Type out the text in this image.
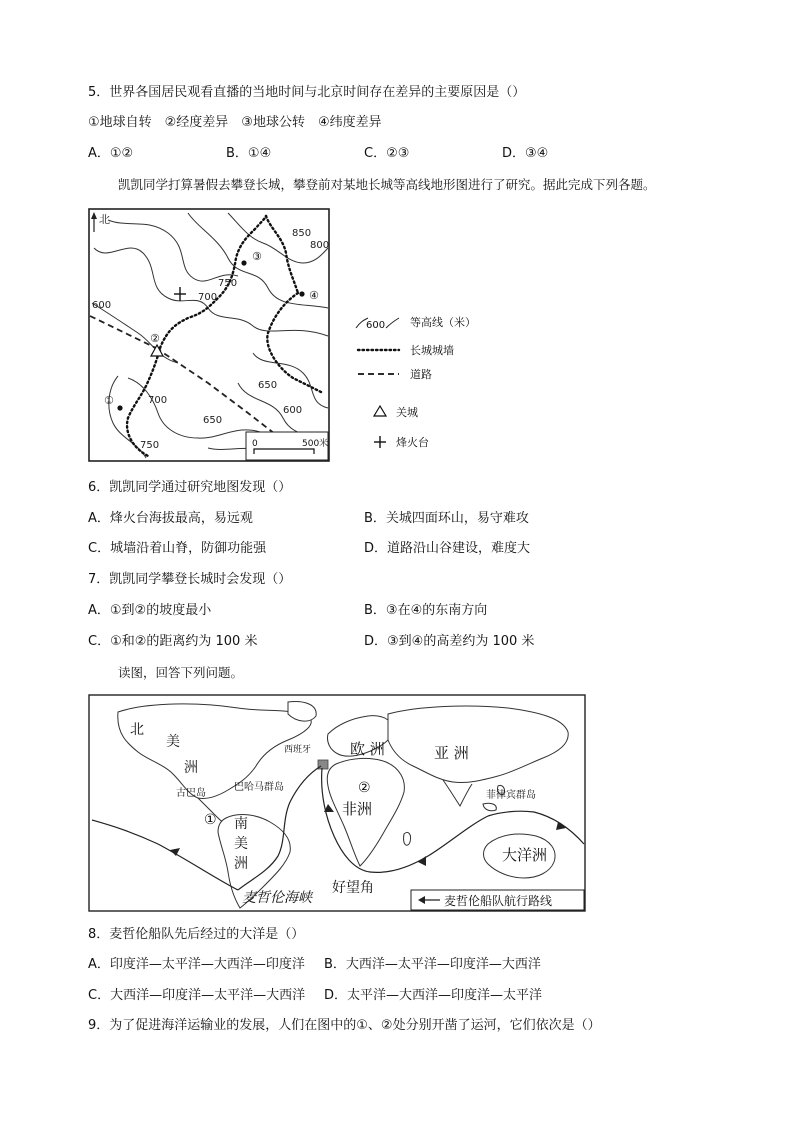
5．世界各国居民观看直播的当地时间与北京时间存在差异的主要原因是（）
①地球自转　②经度差异　③地球公转　④纬度差异
A．①②	B．①④	C．②③	D．③④
凯凯同学打算暑假去攀登长城，攀登前对某地长城等高线地形图进行了研究。据此完成下列各题。
北
850
800
750
700
600
700
650
650
600
750
①
②
③
④
0	500米
600 等高线（米）
长城城墙
道路
关城
烽火台
6．凯凯同学通过研究地图发现（）
A．烽火台海拔最高，易远观	B．关城四面环山，易守难攻
C．城墙沿着山脊，防御功能强	D．道路沿山谷建设，难度大
7．凯凯同学攀登长城时会发现（）
A．①到②的坡度最小	B．③在④的东南方向
C．①和②的距离约为 100 米	D．③到④的高差约为 100 米
读图，回答下列问题。
北
美
洲
古巴岛
巴哈马群岛
西班牙	欧 洲	亚 洲
②
非洲
菲律宾群岛
① 南
美
洲	大洋洲
麦哲伦海峡
好望角
麦哲伦船队航行路线
8．麦哲伦船队先后经过的大洋是（）
A．印度洋—太平洋—大西洋—印度洋 B．大西洋—太平洋—印度洋—大西洋
C．大西洋—印度洋—太平洋—大西洋 D．太平洋—大西洋—印度洋—太平洋
9．为了促进海洋运输业的发展，人们在图中的①、②处分别开凿了运河，它们依次是（）
